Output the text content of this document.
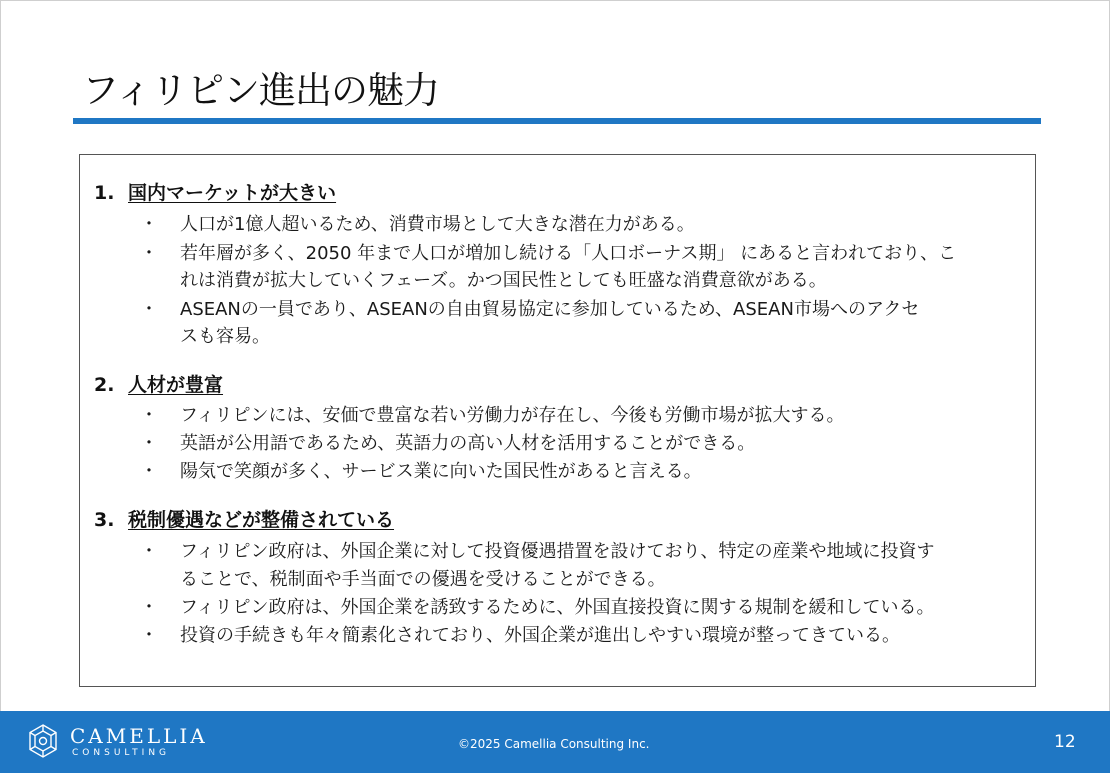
フィリピン進出の魅力
1. 国内マーケットが大きい
・	人口が1億人超いるため、消費市場として大きな潜在力がある。
・	若年層が多く、2050 年まで人口が増加し続ける「人口ボーナス期」 にあると言われており、こ
れは消費が拡大していくフェーズ。かつ国民性としても旺盛な消費意欲がある。
・	ASEANの一員であり、ASEANの自由貿易協定に参加しているため、ASEAN市場へのアクセ
スも容易。
2. 人材が豊富
・	フィリピンには、安価で豊富な若い労働力が存在し、今後も労働市場が拡大する。
・	英語が公用語であるため、英語力の高い人材を活用することができる。
・	陽気で笑顔が多く、サービス業に向いた国民性があると言える。
3. 税制優遇などが整備されている
・	フィリピン政府は、外国企業に対して投資優遇措置を設けており、特定の産業や地域に投資す
ることで、税制面や手当面での優遇を受けることができる。
・	フィリピン政府は、外国企業を誘致するために、外国直接投資に関する規制を緩和している。
・	投資の手続きも年々簡素化されており、外国企業が進出しやすい環境が整ってきている。
CAMELLIA
CONSULTING
©2025 Camellia Consulting Inc.	12
